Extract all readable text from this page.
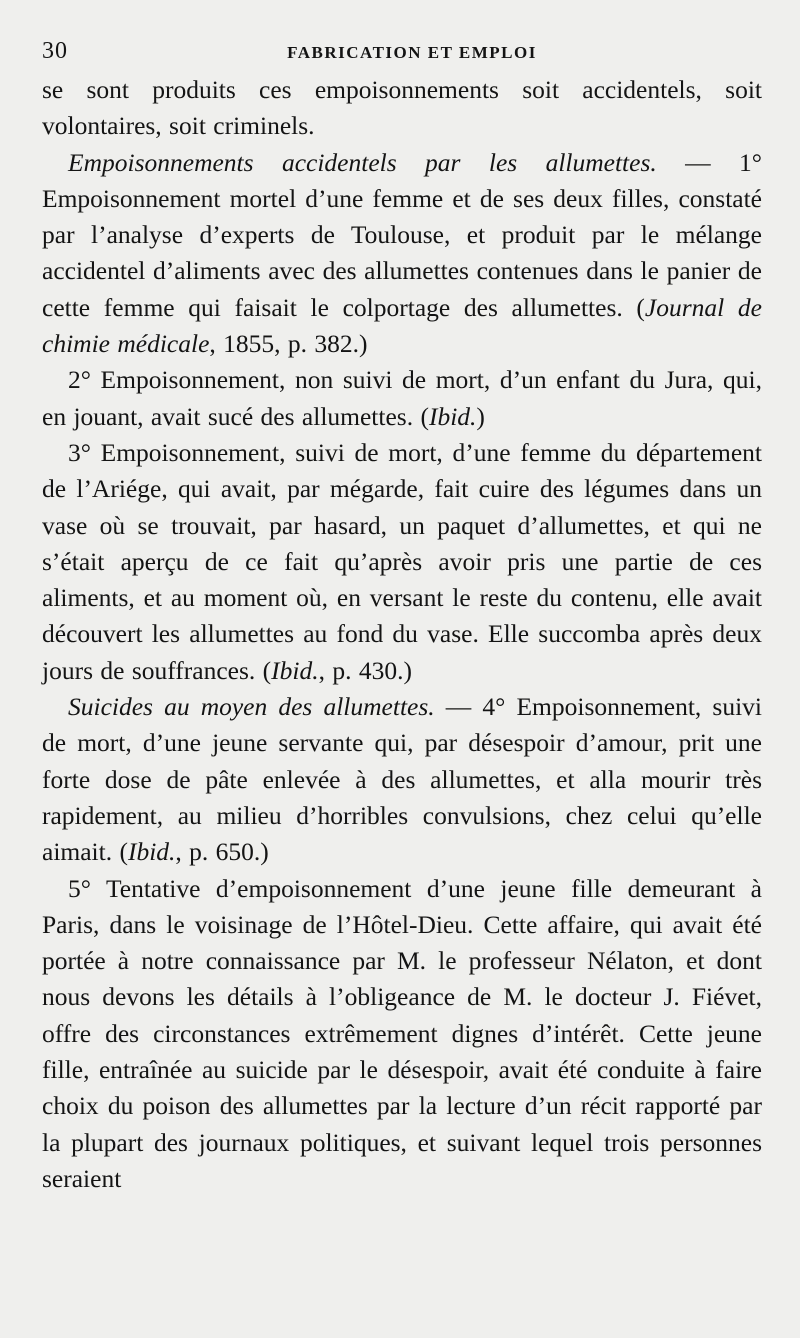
30	FABRICATION ET EMPLOI

se sont produits ces empoisonnements soit accidentels, soit volontaires, soit criminels.

Empoisonnements accidentels par les allumettes. — 1° Empoisonnement mortel d’une femme et de ses deux filles, constaté par l’analyse d’experts de Toulouse, et produit par le mélange accidentel d’aliments avec des allumettes contenues dans le panier de cette femme qui faisait le colportage des allumettes. (Journal de chimie médicale, 1855, p. 382.)

2° Empoisonnement, non suivi de mort, d’un enfant du Jura, qui, en jouant, avait sucé des allumettes. (Ibid.)

3° Empoisonnement, suivi de mort, d’une femme du département de l’Ariége, qui avait, par mégarde, fait cuire des légumes dans un vase où se trouvait, par hasard, un paquet d’allumettes, et qui ne s’était aperçu de ce fait qu’après avoir pris une partie de ces aliments, et au moment où, en versant le reste du contenu, elle avait découvert les allumettes au fond du vase. Elle succomba après deux jours de souffrances. (Ibid., p. 430.)

Suicides au moyen des allumettes. — 4° Empoisonnement, suivi de mort, d’une jeune servante qui, par désespoir d’amour, prit une forte dose de pâte enlevée à des allumettes, et alla mourir très rapidement, au milieu d’horribles convulsions, chez celui qu’elle aimait. (Ibid., p. 650.)

5° Tentative d’empoisonnement d’une jeune fille demeurant à Paris, dans le voisinage de l’Hôtel-Dieu. Cette affaire, qui avait été portée à notre connaissance par M. le professeur Nélaton, et dont nous devons les détails à l’obligeance de M. le docteur J. Fiévet, offre des circonstances extrêmement dignes d’intérêt. Cette jeune fille, entraînée au suicide par le désespoir, avait été conduite à faire choix du poison des allumettes par la lecture d’un récit rapporté par la plupart des journaux politiques, et suivant lequel trois personnes seraient
